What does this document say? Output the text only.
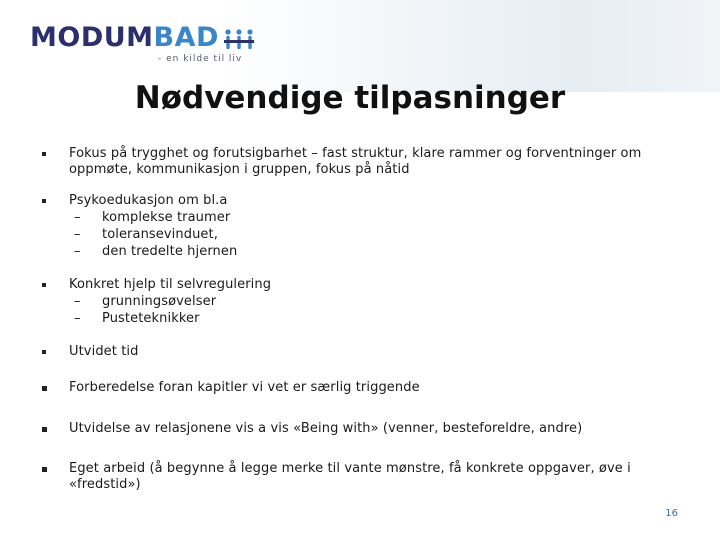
MODUMBAD
- en kilde til liv
Nødvendige tilpasninger
Fokus på trygghet og forutsigbarhet – fast struktur, klare rammer og forventninger om oppmøte, kommunikasjon i gruppen, fokus på nåtid
Psykoedukasjon om bl.a
– komplekse traumer
– toleransevinduet,
– den tredelte hjernen
Konkret hjelp til selvregulering
– grunningsøvelser
– Pusteteknikker
Utvidet tid
Forberedelse foran kapitler vi vet er særlig triggende
Utvidelse av relasjonene vis a vis «Being with» (venner, besteforeldre, andre)
Eget arbeid (å begynne å legge merke til vante mønstre, få konkrete oppgaver, øve i «fredstid»)
16
